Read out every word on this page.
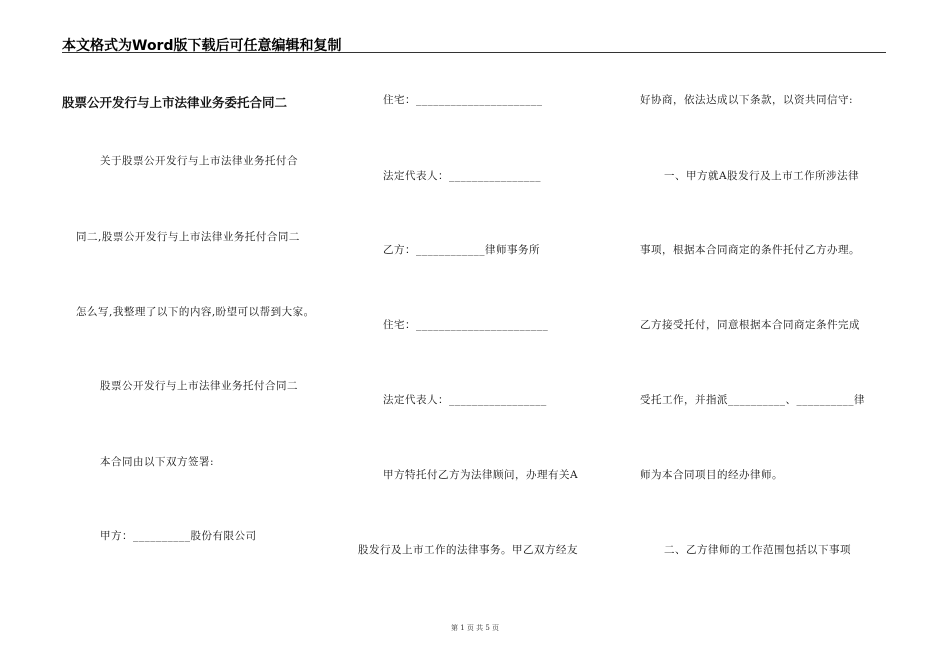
本文格式为Word版下载后可任意编辑和复制
股票公开发行与上市法律业务委托合同二
关于股票公开发行与上市法律业务托付合
同二,股票公开发行与上市法律业务托付合同二
怎么写,我整理了以下的内容,盼望可以帮到大家。
股票公开发行与上市法律业务托付合同二
本合同由以下双方签署:
甲方：__________股份有限公司
住宅：______________________
法定代表人：________________
乙方：____________律师事务所
住宅：_______________________
法定代表人：_________________
甲方特托付乙方为法律顾问，办理有关A
股发行及上市工作的法律事务。甲乙双方经友
好协商，依法达成以下条款，以资共同信守:
一、甲方就A股发行及上市工作所涉法律
事项，根据本合同商定的条件托付乙方办理。
乙方接受托付，同意根据本合同商定条件完成
受托工作，并指派__________、__________律
师为本合同项目的经办律师。
二、乙方律师的工作范围包括以下事项
第 1 页 共 5 页
